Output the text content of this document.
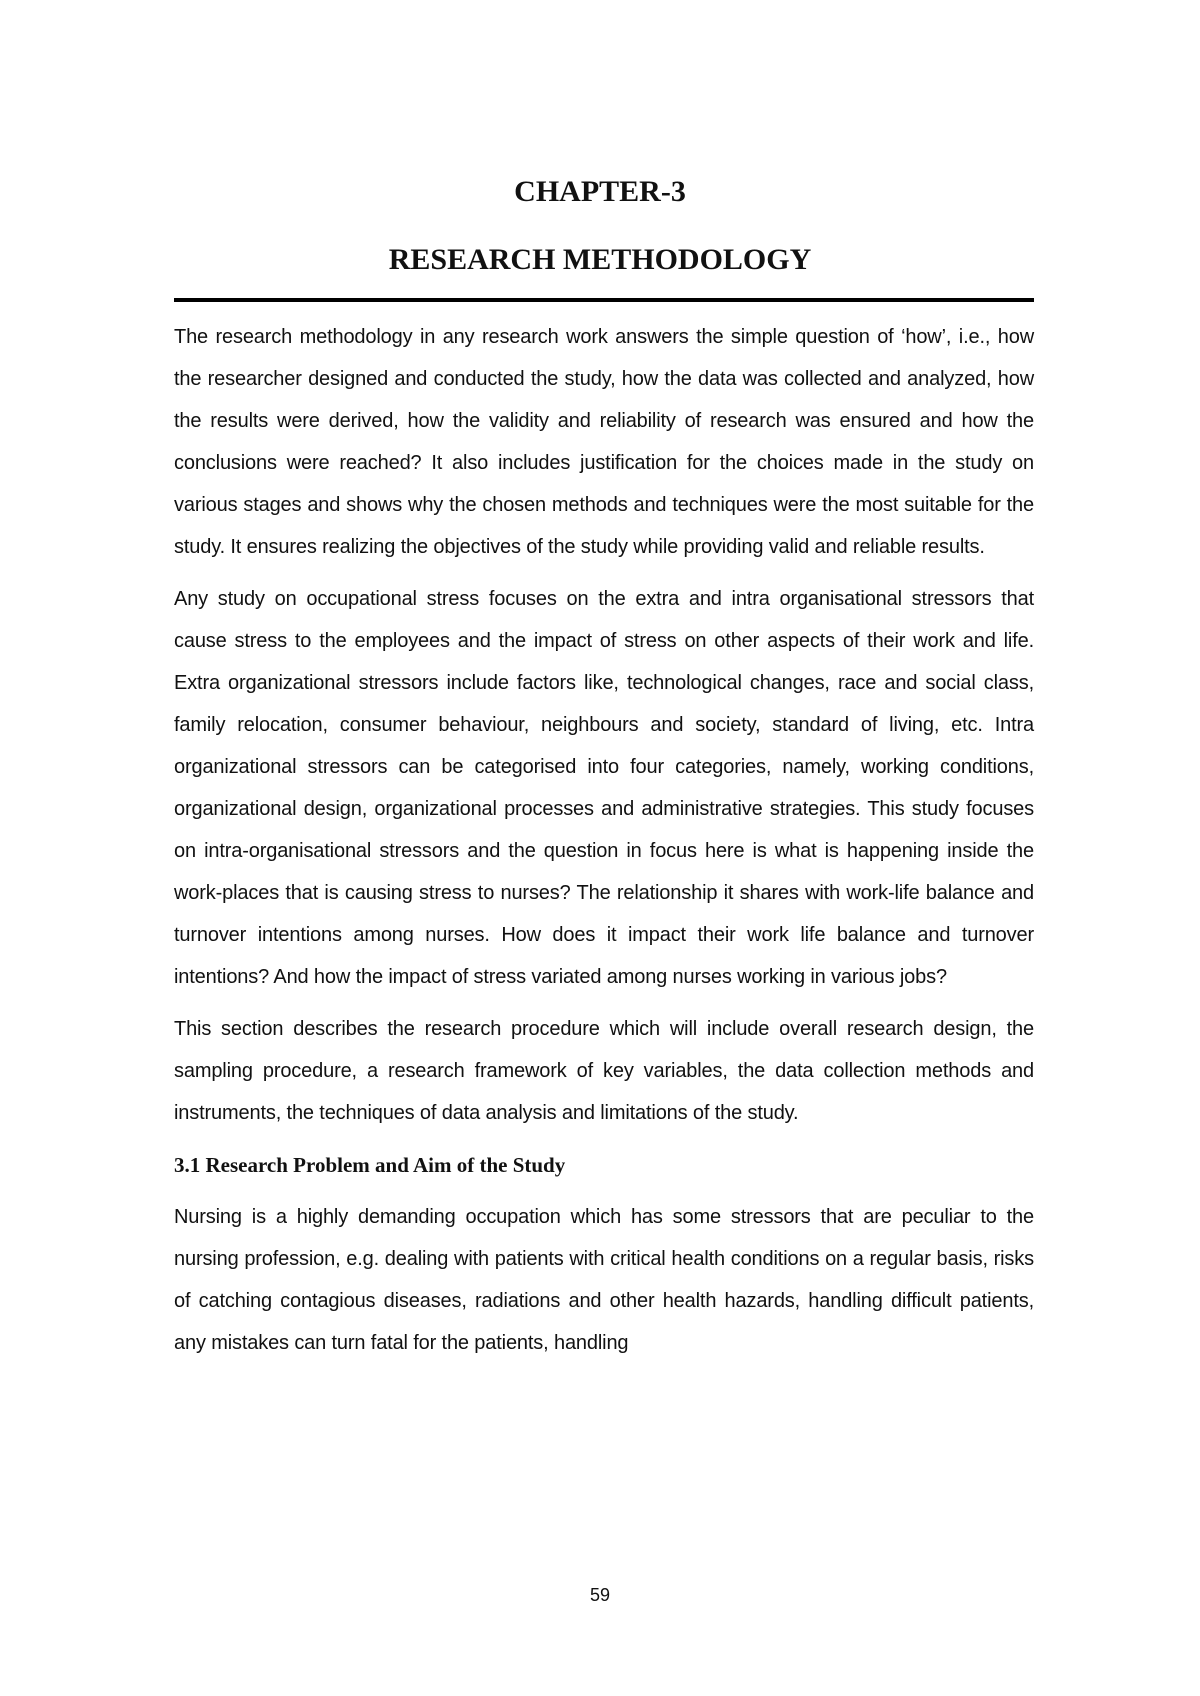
CHAPTER-3
RESEARCH METHODOLOGY

The research methodology in any research work answers the simple question of ‘how’, i.e., how the researcher designed and conducted the study, how the data was collected and analyzed, how the results were derived, how the validity and reliability of research was ensured and how the conclusions were reached? It also includes justification for the choices made in the study on various stages and shows why the chosen methods and techniques were the most suitable for the study. It ensures realizing the objectives of the study while providing valid and reliable results.

Any study on occupational stress focuses on the extra and intra organisational stressors that cause stress to the employees and the impact of stress on other aspects of their work and life. Extra organizational stressors include factors like, technological changes, race and social class, family relocation, consumer behaviour, neighbours and society, standard of living, etc. Intra organizational stressors can be categorised into four categories, namely, working conditions, organizational design, organizational processes and administrative strategies. This study focuses on intra-organisational stressors and the question in focus here is what is happening inside the work-places that is causing stress to nurses? The relationship it shares with work-life balance and turnover intentions among nurses. How does it impact their work life balance and turnover intentions? And how the impact of stress variated among nurses working in various jobs?

This section describes the research procedure which will include overall research design, the sampling procedure, a research framework of key variables, the data collection methods and instruments, the techniques of data analysis and limitations of the study.

3.1 Research Problem and Aim of the Study

Nursing is a highly demanding occupation which has some stressors that are peculiar to the nursing profession, e.g. dealing with patients with critical health conditions on a regular basis, risks of catching contagious diseases, radiations and other health hazards, handling difficult patients, any mistakes can turn fatal for the patients, handling

59
